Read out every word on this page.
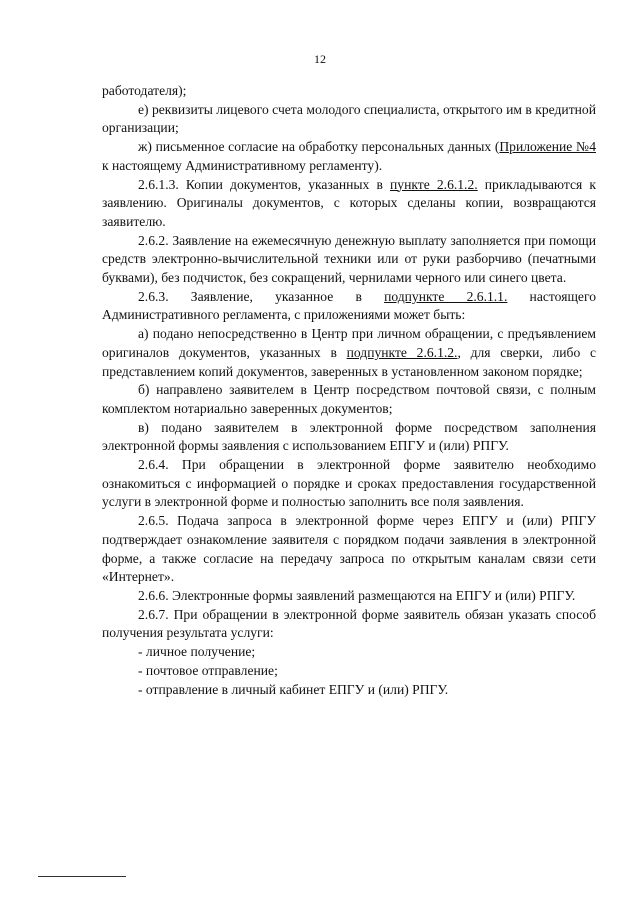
12

работодателя);

е) реквизиты лицевого счета молодого специалиста, открытого им в кредитной организации;

ж) письменное согласие на обработку персональных данных (Приложение №4 к настоящему Административному регламенту).

2.6.1.3. Копии документов, указанных в пункте 2.6.1.2. прикладываются к заявлению. Оригиналы документов, с которых сделаны копии, возвращаются заявителю.

2.6.2. Заявление на ежемесячную денежную выплату заполняется при помощи средств электронно-вычислительной техники или от руки разборчиво (печатными буквами), без подчисток, без сокращений, чернилами черного или синего цвета.

2.6.3. Заявление, указанное в подпункте 2.6.1.1. настоящего Административного регламента, с приложениями может быть:

а) подано непосредственно в Центр при личном обращении, с предъявлением оригиналов документов, указанных в подпункте 2.6.1.2., для сверки, либо с представлением копий документов, заверенных в установленном законом порядке;

б) направлено заявителем в Центр посредством почтовой связи, с полным комплектом нотариально заверенных документов;

в) подано заявителем в электронной форме посредством заполнения электронной формы заявления с использованием ЕПГУ и (или) РПГУ.

2.6.4. При обращении в электронной форме заявителю необходимо ознакомиться с информацией о порядке и сроках предоставления государственной услуги в электронной форме и полностью заполнить все поля заявления.

2.6.5. Подача запроса в электронной форме через ЕПГУ и (или) РПГУ подтверждает ознакомление заявителя с порядком подачи заявления в электронной форме, а также согласие на передачу запроса по открытым каналам связи сети «Интернет».

2.6.6. Электронные формы заявлений размещаются на ЕПГУ и (или) РПГУ.

2.6.7. При обращении в электронной форме заявитель обязан указать способ получения результата услуги:

- личное получение;

- почтовое отправление;

- отправление в личный кабинет ЕПГУ и (или) РПГУ.
